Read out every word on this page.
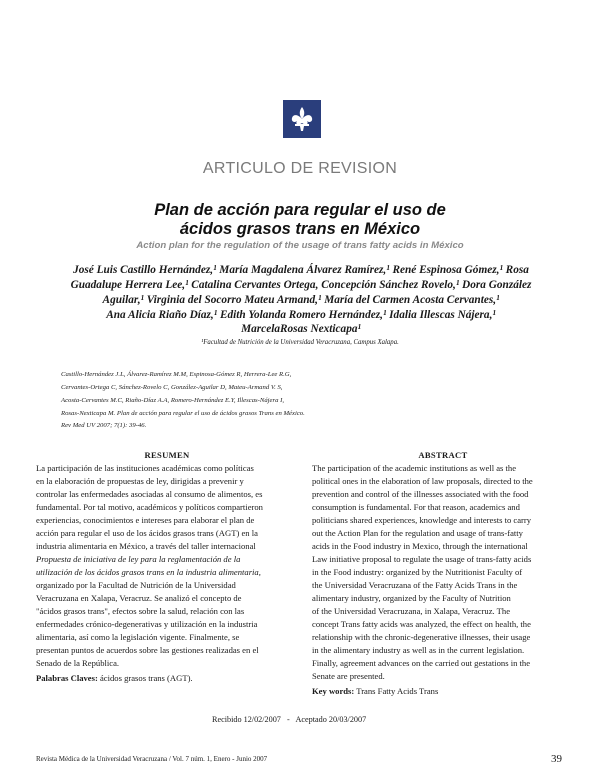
ARTICULO DE REVISION
Plan de acción para regular el uso de
ácidos grasos trans en México
Action plan for the regulation of the usage of trans fatty acids in México
José Luis Castillo Hernández,¹ María Magdalena Álvarez Ramírez,¹ René Espinosa Gómez,¹ Rosa
Guadalupe Herrera Lee,¹ Catalina Cervantes Ortega, Concepción Sánchez Rovelo,¹ Dora González
Aguilar,¹ Virginia del Socorro Mateu Armand,¹ María del Carmen Acosta Cervantes,¹
Ana Alicia Riaño Díaz,¹ Edith Yolanda Romero Hernández,¹ Idalia Illescas Nájera,¹
MarcelaRosas Nexticapa¹
¹Facultad de Nutrición de la Universidad Veracruzana, Campus Xalapa.
Castillo-Hernández J.L, Álvarez-Ramírez M.M, Espinosa-Gómez R, Herrera-Lee R.G,
Cervantes-Ortega C, Sánchez-Rovelo C, González-Aguilar D, Mateu-Armand V. S,
Acosta-Cervantes M.C, Riaño-Díaz A.A, Romero-Hernández E.Y, Illescas-Nájera I,
Rosas-Nexticapa M. Plan de acción para regular el uso de ácidos grasos Trans en México.
Rev Med UV 2007; 7(1): 39-46.
RESUMEN
La participación de las instituciones académicas como políticas
en la elaboración de propuestas de ley, dirigidas a prevenir y
controlar las enfermedades asociadas al consumo de alimentos, es
fundamental. Por tal motivo, académicos y políticos compartieron
experiencias, conocimientos e intereses para elaborar el plan de
acción para regular el uso de los ácidos grasos trans (AGT) en la
industria alimentaria en México, a través del taller internacional
Propuesta de iniciativa de ley para la reglamentación de la
utilización de los ácidos grasos trans en la industria alimentaria,
organizado por la Facultad de Nutrición de la Universidad
Veracruzana en Xalapa, Veracruz. Se analizó el concepto de
"ácidos grasos trans", efectos sobre la salud, relación con las
enfermedades crónico-degenerativas y utilización en la industria
alimentaria, así como la legislación vigente. Finalmente, se
presentan puntos de acuerdos sobre las gestiones realizadas en el
Senado de la República.
Palabras Claves: ácidos grasos trans (AGT).
ABSTRACT
The participation of the academic institutions as well as the
political ones in the elaboration of law proposals, directed to the
prevention and control of the illnesses associated with the food
consumption is fundamental. For that reason, academics and
politicians shared experiences, knowledge and interests to carry
out the Action Plan for the regulation and usage of trans-fatty
acids in the Food industry in Mexico, through the international
Law initiative proposal to regulate the usage of trans-fatty acids
in the Food industry: organized by the Nutritionist Faculty of
the Universidad Veracruzana of the Fatty Acids Trans in the
alimentary industry, organized by the Faculty of Nutrition
of the Universidad Veracruzana, in Xalapa, Veracruz. The
concept Trans fatty acids was analyzed, the effect on health, the
relationship with the chronic-degenerative illnesses, their usage
in the alimentary industry as well as in the current legislation.
Finally, agreement advances on the carried out gestations in the
Senate are presented.
Key words: Trans Fatty Acids Trans
Recibido 12/02/2007 - Aceptado 20/03/2007
Revista Médica de la Universidad Veracruzana / Vol. 7 núm. 1, Enero - Junio 2007	39
